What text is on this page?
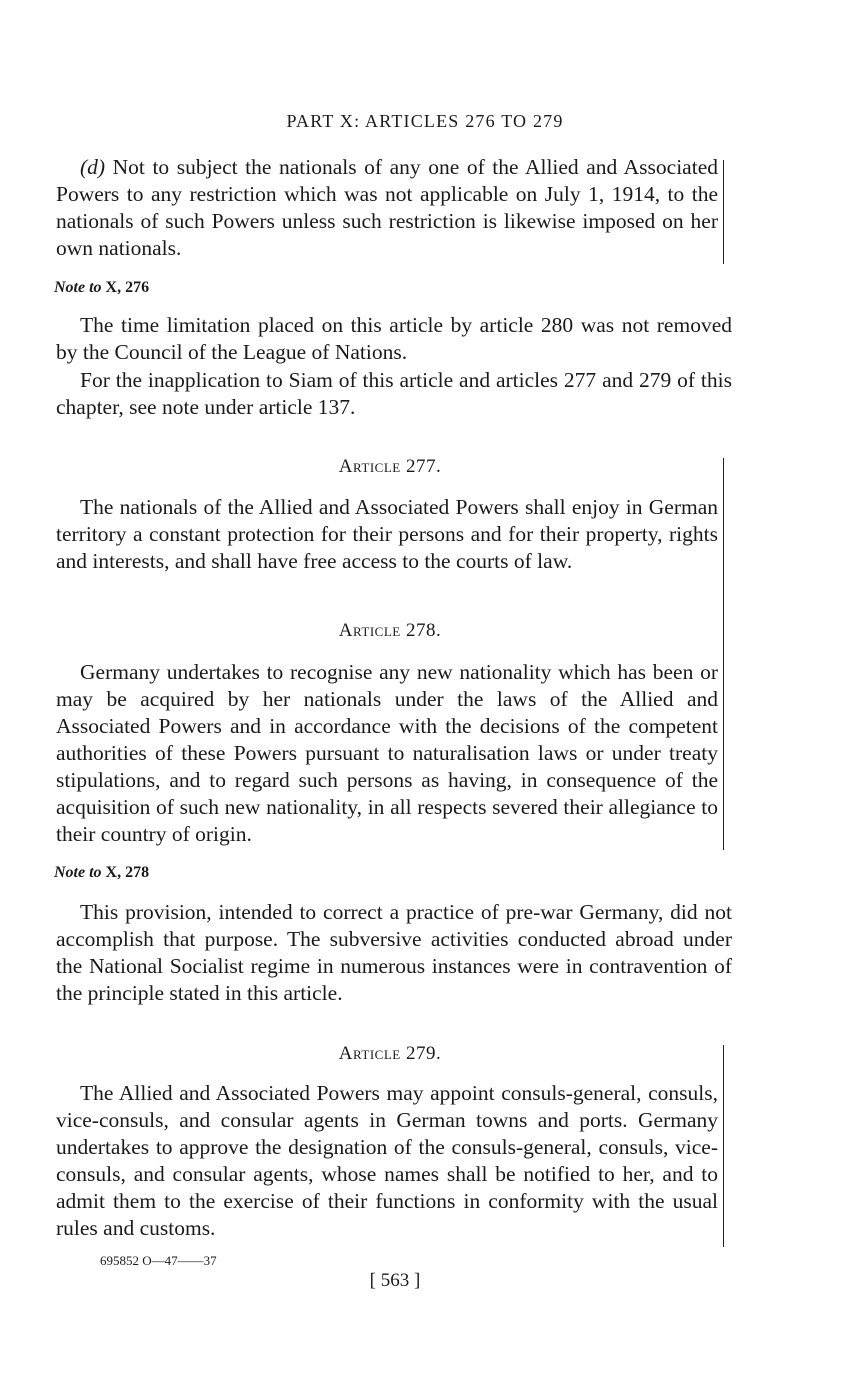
PART X: ARTICLES 276 TO 279

(d) Not to subject the nationals of any one of the Allied and Associated Powers to any restriction which was not applicable on July 1, 1914, to the nationals of such Powers unless such restriction is likewise imposed on her own nationals.

Note to X, 276

The time limitation placed on this article by article 280 was not removed by the Council of the League of Nations.

For the inapplication to Siam of this article and articles 277 and 279 of this chapter, see note under article 137.

Article 277.

The nationals of the Allied and Associated Powers shall enjoy in German territory a constant protection for their persons and for their property, rights and interests, and shall have free access to the courts of law.

Article 278.

Germany undertakes to recognise any new nationality which has been or may be acquired by her nationals under the laws of the Allied and Associated Powers and in accordance with the decisions of the competent authorities of these Powers pursuant to naturalisation laws or under treaty stipulations, and to regard such persons as having, in consequence of the acquisition of such new nationality, in all respects severed their allegiance to their country of origin.

Note to X, 278

This provision, intended to correct a practice of pre-war Germany, did not accomplish that purpose. The subversive activities conducted abroad under the National Socialist regime in numerous instances were in contravention of the principle stated in this article.

Article 279.

The Allied and Associated Powers may appoint consuls-general, consuls, vice-consuls, and consular agents in German towns and ports. Germany undertakes to approve the designation of the consuls-general, consuls, vice-consuls, and consular agents, whose names shall be notified to her, and to admit them to the exercise of their functions in conformity with the usual rules and customs.

695852 O—47——37
[ 563 ]
